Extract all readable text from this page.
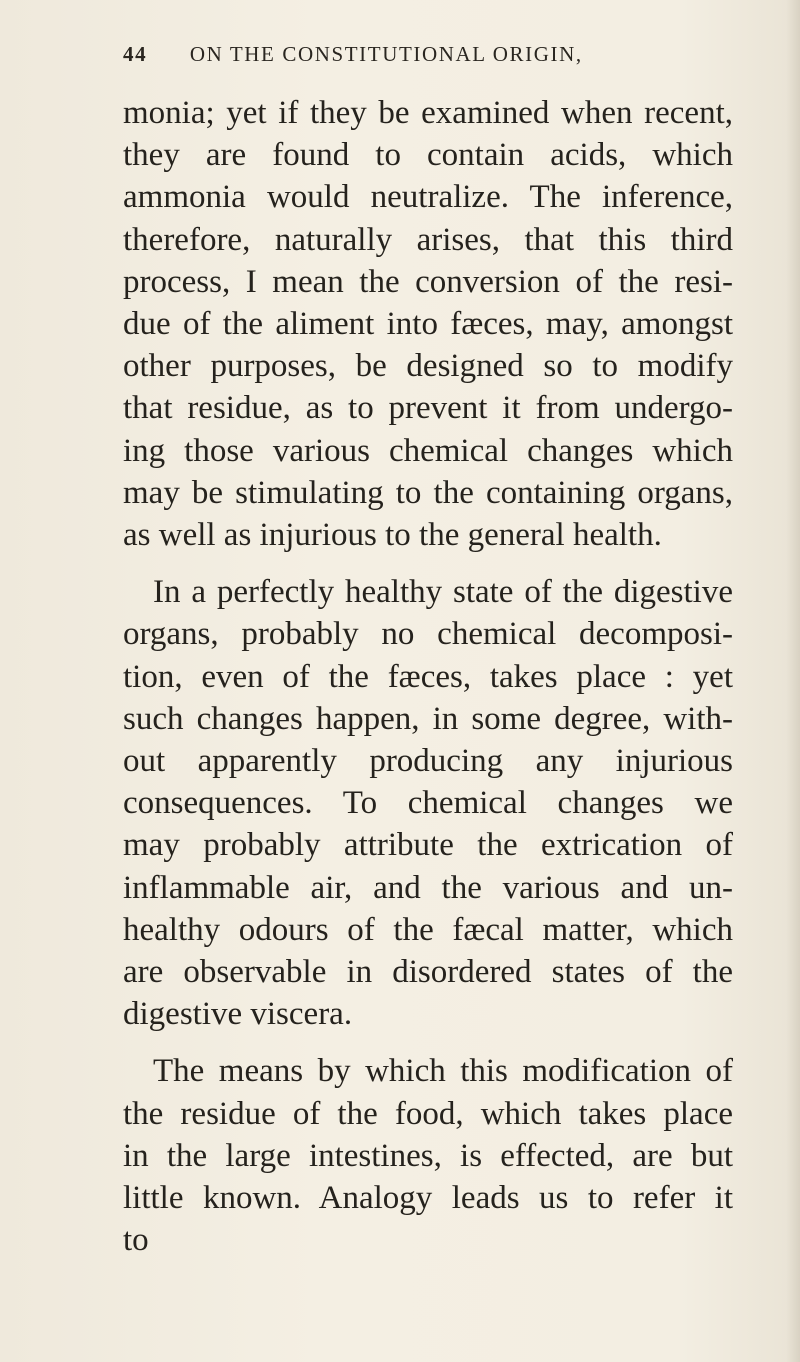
44 ON THE CONSTITUTIONAL ORIGIN,
monia; yet if they be examined when recent,
they are found to contain acids, which
ammonia would neutralize. The inference,
therefore, naturally arises, that this third
process, I mean the conversion of the resi-
due of the aliment into fæces, may, amongst
other purposes, be designed so to modify
that residue, as to prevent it from undergo-
ing those various chemical changes which
may be stimulating to the containing organs,
as well as injurious to the general health.
In a perfectly healthy state of the digestive
organs, probably no chemical decomposi-
tion, even of the fæces, takes place : yet
such changes happen, in some degree, with-
out apparently producing any injurious
consequences. To chemical changes we
may probably attribute the extrication of
inflammable air, and the various and un-
healthy odours of the fæcal matter, which
are observable in disordered states of the
digestive viscera.
The means by which this modification of
the residue of the food, which takes place
in the large intestines, is effected, are but
little known. Analogy leads us to refer it
to
